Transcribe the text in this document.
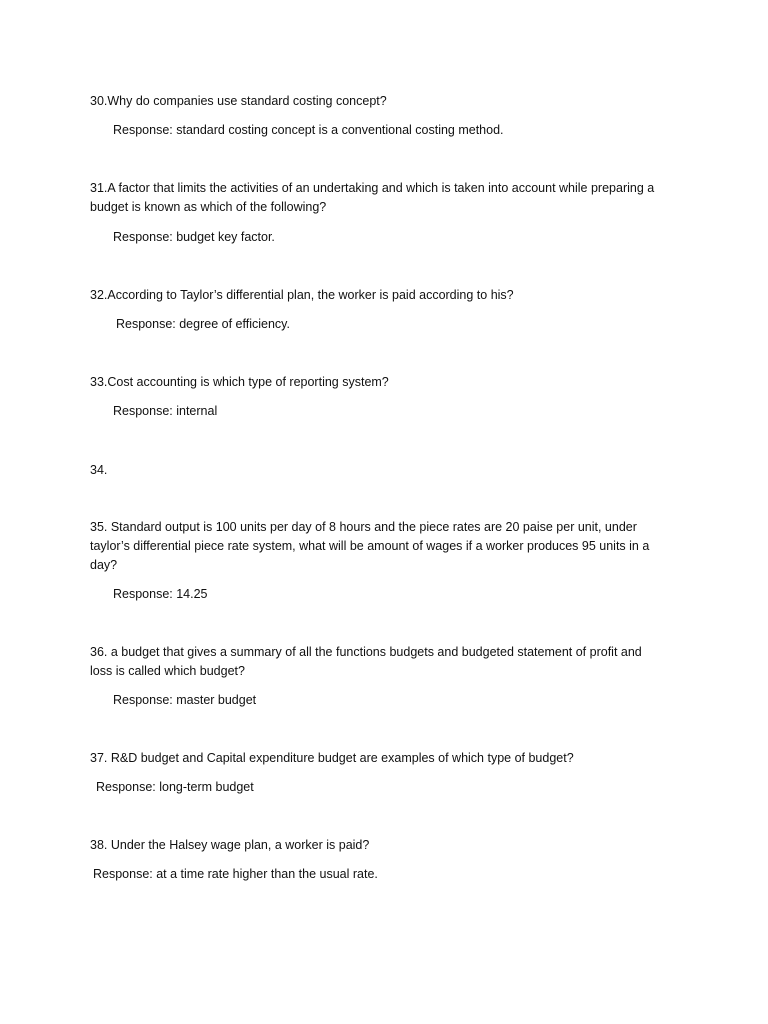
30.Why do companies use standard costing concept?
Response: standard costing concept is a conventional costing method.
31.A factor that limits the activities of an undertaking and which is taken into account while preparing a
budget is known as which of the following?
Response: budget key factor.
32.According to Taylor’s differential plan, the worker is paid according to his?
Response: degree of efficiency.
33.Cost accounting is which type of reporting system?
Response: internal
34.
35. Standard output is 100 units per day of 8 hours and the piece rates are 20 paise per unit, under
taylor’s differential piece rate system, what will be amount of wages if a worker produces 95 units in a
day?
Response: 14.25
36. a budget that gives a summary of all the functions budgets and budgeted statement of profit and
loss is called which budget?
Response: master budget
37. R&D budget and Capital expenditure budget are examples of which type of budget?
Response: long-term budget
38. Under the Halsey wage plan, a worker is paid?
Response: at a time rate higher than the usual rate.
